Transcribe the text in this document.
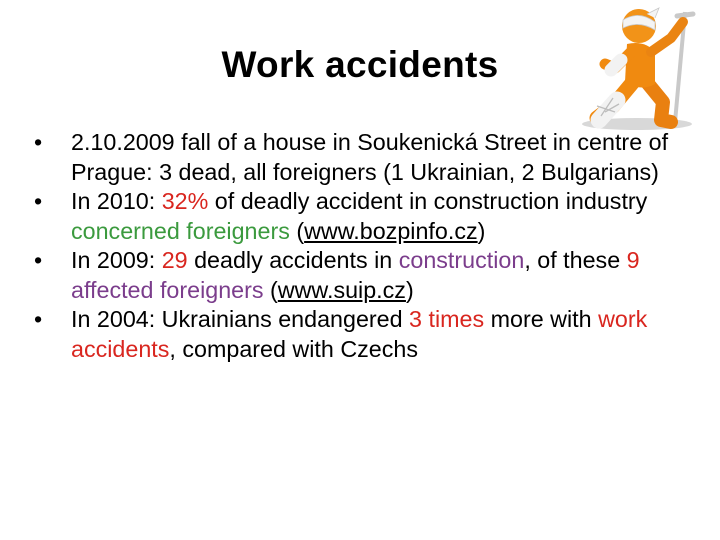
Work accidents
•	2.10.2009 fall of a house in Soukenická Street in centre of Prague: 3 dead, all foreigners (1 Ukrainian, 2 Bulgarians)
•	In 2010: 32% of deadly accident in construction industry concerned foreigners (www.bozpinfo.cz)
•	In 2009: 29 deadly accidents in construction, of these 9 affected foreigners (www.suip.cz)
•	In 2004: Ukrainians endangered 3 times more with work accidents, compared with Czechs
